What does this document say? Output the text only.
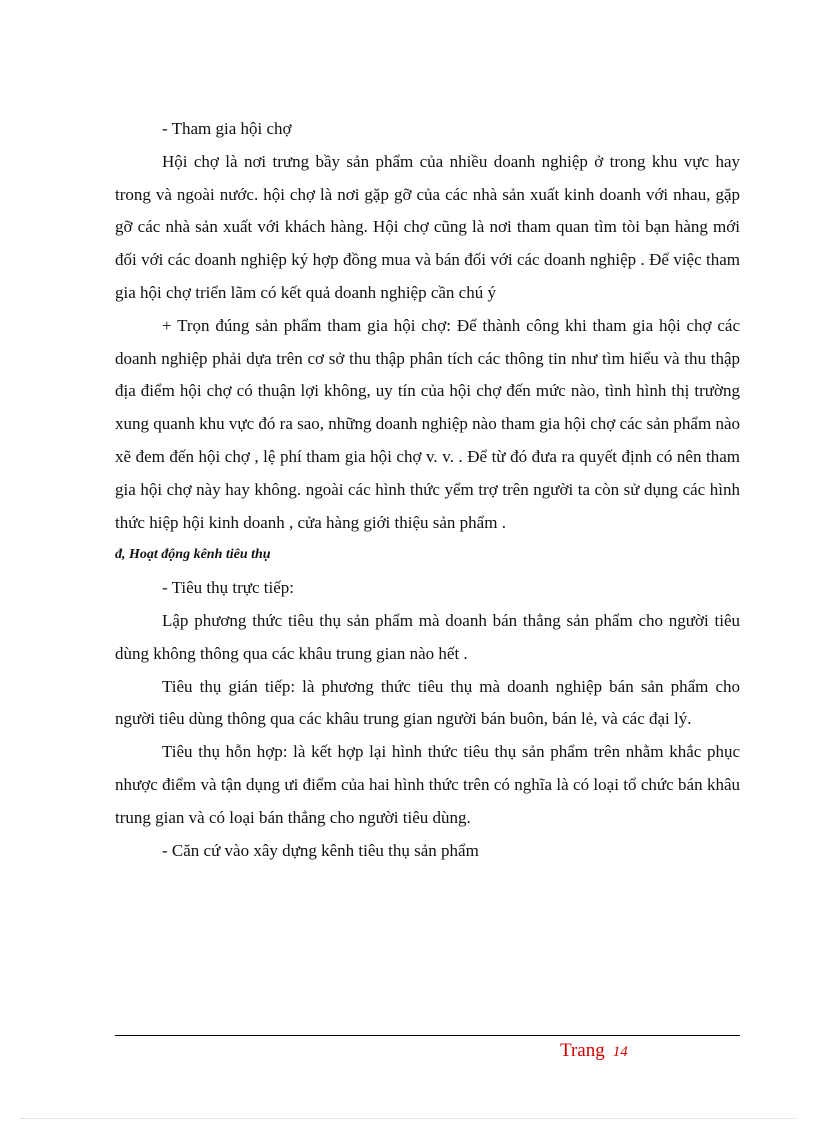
- Tham gia hội chợ

Hội chợ là nơi trưng bầy sản phẩm của nhiều doanh nghiệp ở trong khu vực hay trong và ngoài nước. hội chợ là nơi gặp gỡ của các nhà sản xuất kinh doanh với nhau, gặp gỡ các nhà sản xuất với khách hàng. Hội chợ cũng là nơi tham quan tìm tòi bạn hàng mới đối với các doanh nghiệp ký hợp đồng mua và bán đối với các doanh nghiệp . Để việc tham gia hội chợ triển lãm có kết quả doanh nghiệp cần chú ý

+ Trọn đúng sản phẩm tham gia hội chợ: Để thành công khi tham gia hội chợ các doanh nghiệp phải dựa trên cơ sở thu thập phân tích các thông tin như tìm hiểu và thu thập địa điểm hội chợ có thuận lợi không, uy tín của hội chợ đến mức nào, tình hình thị trường xung quanh khu vực đó ra sao, những doanh nghiệp nào tham gia hội chợ các sản phẩm nào xẽ đem đến hội chợ , lệ phí tham gia hội chợ v. v. . Để từ đó đưa ra quyết định có nên tham gia hội chợ này hay không. ngoài các hình thức yểm trợ trên người ta còn sử dụng các hình thức hiệp hội kinh doanh , cửa hàng giới thiệu sản phẩm .

đ, Hoạt động kênh tiêu thụ

- Tiêu thụ trực tiếp:

Lập phương thức tiêu thụ sản phẩm mà doanh bán thẳng sản phẩm cho người tiêu dùng không thông qua các khâu trung gian nào hết .

Tiêu thụ gián tiếp: là phương thức tiêu thụ mà doanh nghiệp bán sản phẩm cho người tiêu dùng thông qua các khâu trung gian người bán buôn, bán lẻ, và các đại lý.

Tiêu thụ hỗn hợp: là kết hợp lại hình thức tiêu thụ sản phẩm trên nhằm khắc phục nhược điểm và tận dụng ưi điểm của hai hình thức trên có nghĩa là có loại tổ chức bán khâu trung gian và có loại bán thẳng cho người tiêu dùng.

- Căn cứ vào xây dựng kênh tiêu thụ sản phẩm

Trang 14
